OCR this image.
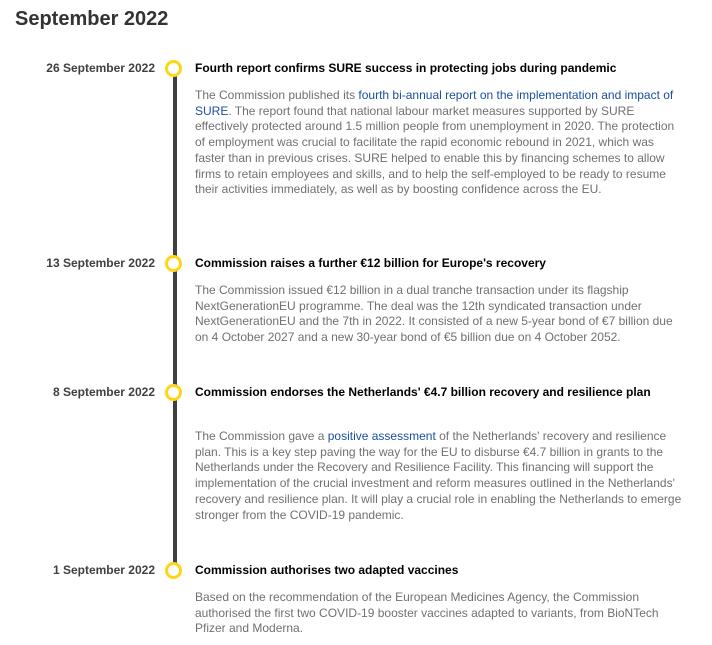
September 2022
26 September 2022	Fourth report confirms SURE success in protecting jobs during pandemic

The Commission published its fourth bi-annual report on the implementation and impact of SURE. The report found that national labour market measures supported by SURE effectively protected around 1.5 million people from unemployment in 2020. The protection of employment was crucial to facilitate the rapid economic rebound in 2021, which was faster than in previous crises. SURE helped to enable this by financing schemes to allow firms to retain employees and skills, and to help the self-employed to be ready to resume their activities immediately, as well as by boosting confidence across the EU.

13 September 2022	Commission raises a further €12 billion for Europe's recovery

The Commission issued €12 billion in a dual tranche transaction under its flagship NextGenerationEU programme. The deal was the 12th syndicated transaction under NextGenerationEU and the 7th in 2022. It consisted of a new 5-year bond of €7 billion due on 4 October 2027 and a new 30-year bond of €5 billion due on 4 October 2052.

8 September 2022	Commission endorses the Netherlands' €4.7 billion recovery and resilience plan

The Commission gave a positive assessment of the Netherlands' recovery and resilience plan. This is a key step paving the way for the EU to disburse €4.7 billion in grants to the Netherlands under the Recovery and Resilience Facility. This financing will support the implementation of the crucial investment and reform measures outlined in the Netherlands' recovery and resilience plan. It will play a crucial role in enabling the Netherlands to emerge stronger from the COVID-19 pandemic.

1 September 2022	Commission authorises two adapted vaccines

Based on the recommendation of the European Medicines Agency, the Commission authorised the first two COVID-19 booster vaccines adapted to variants, from BioNTech Pfizer and Moderna.
